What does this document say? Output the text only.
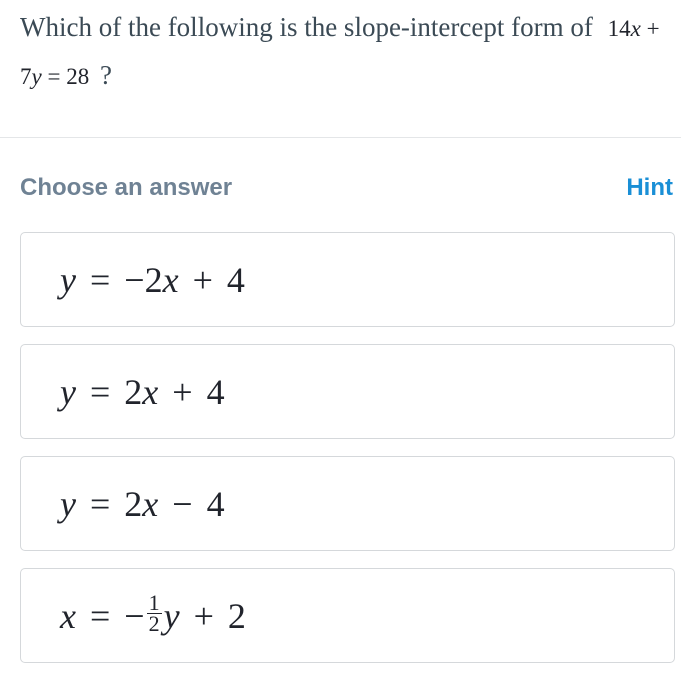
Which of the following is the slope-intercept form of 14x + 7y = 28 ?
Choose an answer	Hint
y = −2 x + 4
y = 2 x + 4
y = 2 x − 4
x = − $\frac{1}{2}$ y + 2
